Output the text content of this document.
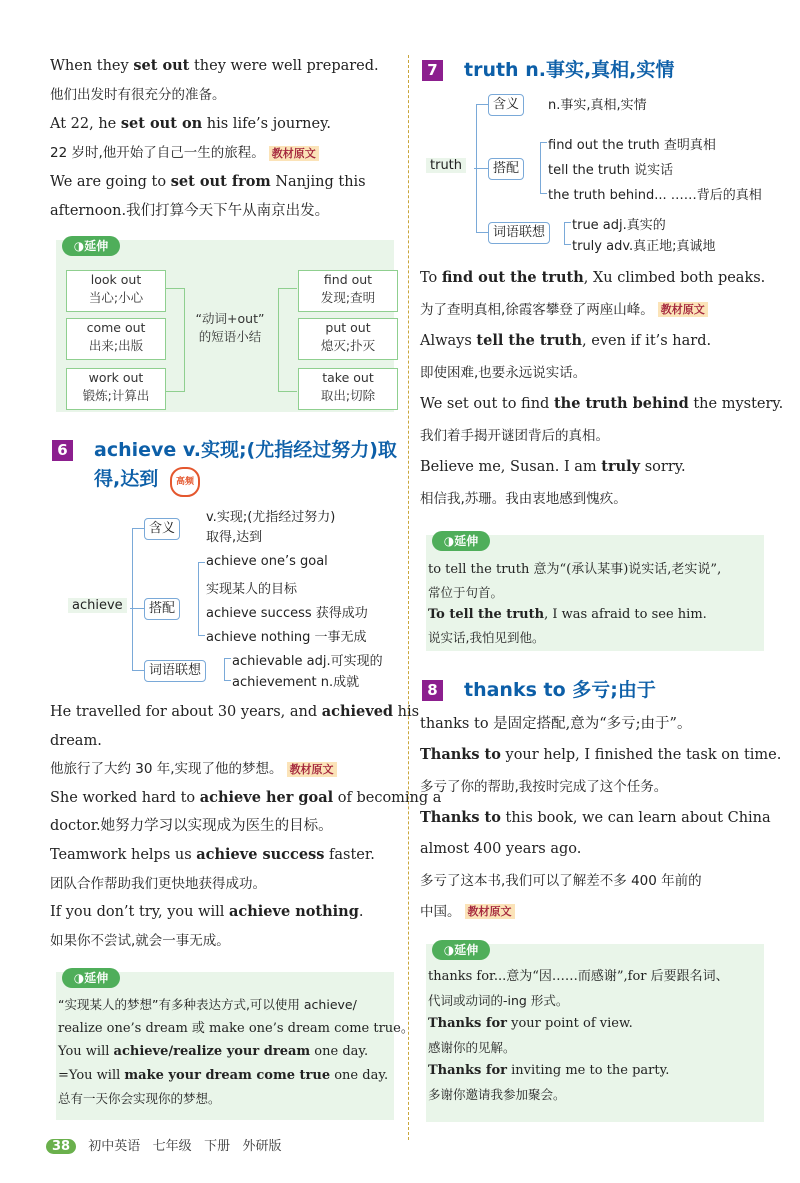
When they set out they were well prepared.
他们出发时有很充分的准备。
At 22, he set out on his life’s journey.
22 岁时,他开始了自己一生的旅程。 教材原文
We are going to set out from Nanjing this
afternoon.我们打算今天下午从南京出发。
◑延伸
look out
当心;小心
come out
出来;出版
work out
锻炼;计算出
find out
发现;查明
put out
熄灭;扑灭
take out
取出;切除
“动词+out”
的短语小结
6 achieve v.实现;(尤指经过努力)取
得,达到	高频
achieve
含义
搭配
词语联想
v.实现;(尤指经过努力)
取得,达到
achieve one’s goal
实现某人的目标
achieve success 获得成功
achieve nothing 一事无成
achievable adj.可实现的
achievement n.成就
He travelled for about 30 years, and achieved his
dream.
他旅行了大约 30 年,实现了他的梦想。 教材原文
She worked hard to achieve her goal of becoming a
doctor.她努力学习以实现成为医生的目标。
Teamwork helps us achieve success faster.
团队合作帮助我们更快地获得成功。
If you don’t try, you will achieve nothing.
如果你不尝试,就会一事无成。
◑延伸
“实现某人的梦想”有多种表达方式,可以使用 achieve/
realize one’s dream 或 make one’s dream come true。
You will achieve/realize your dream one day.
=You will make your dream come true one day.
总有一天你会实现你的梦想。
7 truth n.事实,真相,实情
truth
含义
搭配
词语联想
n.事实,真相,实情
find out the truth 查明真相
tell the truth 说实话
the truth behind... ……背后的真相
true adj.真实的
truly adv.真正地;真诚地
To find out the truth, Xu climbed both peaks.
为了查明真相,徐霞客攀登了两座山峰。 教材原文
Always tell the truth, even if it’s hard.
即使困难,也要永远说实话。
We set out to find the truth behind the mystery.
我们着手揭开谜团背后的真相。
Believe me, Susan. I am truly sorry.
相信我,苏珊。我由衷地感到愧疚。
◑延伸
to tell the truth 意为“(承认某事)说实话,老实说”,
常位于句首。
To tell the truth, I was afraid to see him.
说实话,我怕见到他。
8 thanks to 多亏;由于
thanks to 是固定搭配,意为“多亏;由于”。
Thanks to your help, I finished the task on time.
多亏了你的帮助,我按时完成了这个任务。
Thanks to this book, we can learn about China
almost 400 years ago.
多亏了这本书,我们可以了解差不多 400 年前的
中国。 教材原文
◑延伸
thanks for...意为“因……而感谢”,for 后要跟名词、
代词或动词的-ing 形式。
Thanks for your point of view.
感谢你的见解。
Thanks for inviting me to the party.
多谢你邀请我参加聚会。
38 初中英语 七年级 下册 外研版
